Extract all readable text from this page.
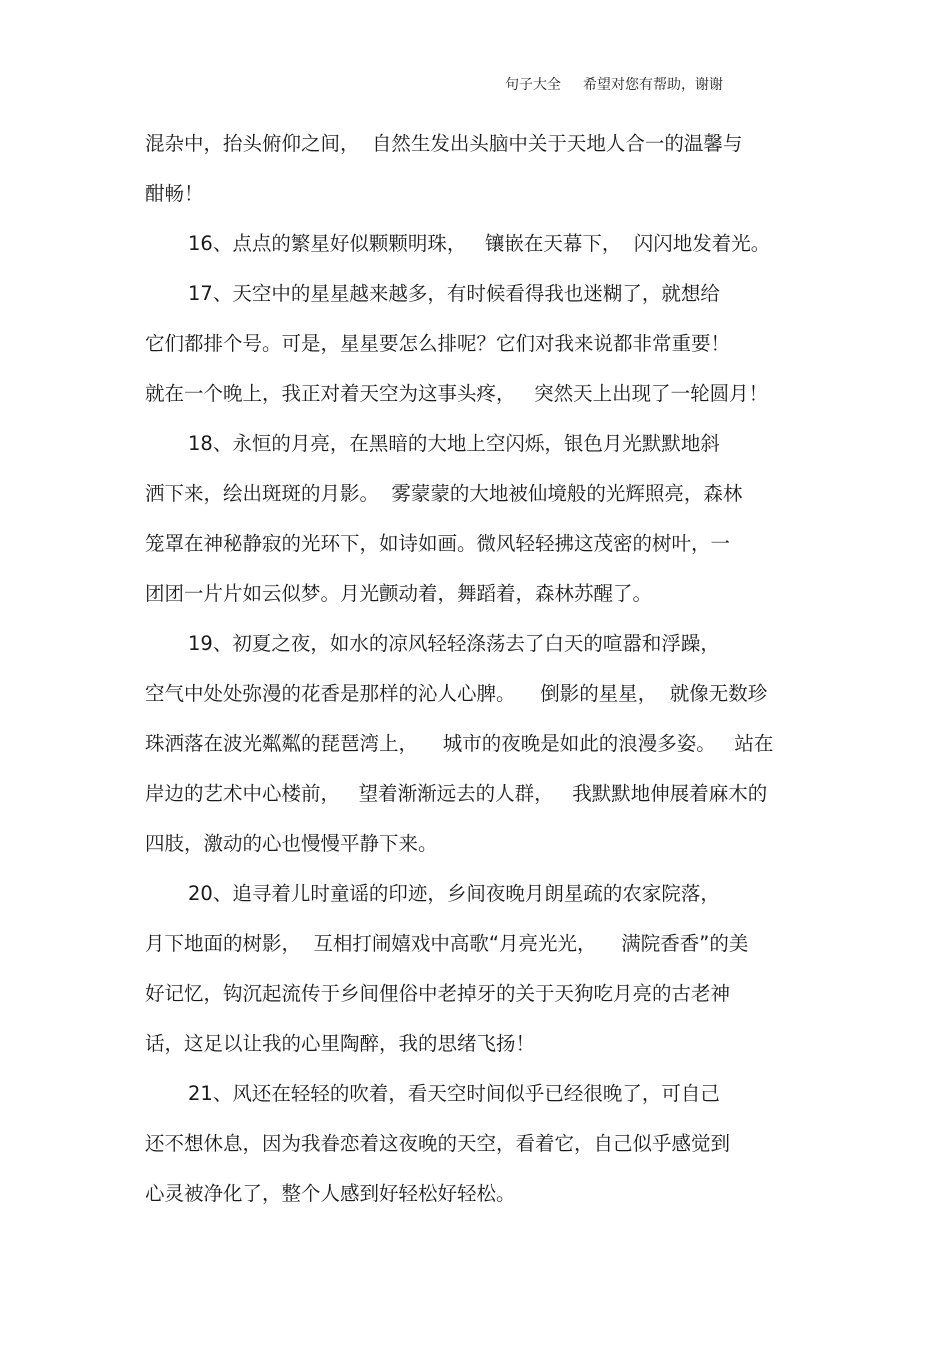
句子大全 希望对您有帮助，谢谢
混杂中，抬头俯仰之间，  自然生发出头脑中关于天地人合一的温馨与
酣畅！
16、点点的繁星好似颗颗明珠，   镶嵌在天幕下，  闪闪地发着光。
17、天空中的星星越来越多，有时候看得我也迷糊了，就想给
它们都排个号。可是，星星要怎么排呢？它们对我来说都非常重要！
就在一个晚上，我正对着天空为这事头疼，   突然天上出现了一轮圆月！
18、永恒的月亮，在黑暗的大地上空闪烁，银色月光默默地斜
洒下来，绘出斑斑的月影。  雾蒙蒙的大地被仙境般的光辉照亮，森林
笼罩在神秘静寂的光环下，如诗如画。微风轻轻拂这茂密的树叶，一
团团一片片如云似梦。月光颤动着，舞蹈着，森林苏醒了。
19、初夏之夜，如水的凉风轻轻涤荡去了白天的喧嚣和浮躁，
空气中处处弥漫的花香是那样的沁人心脾。    倒影的星星，  就像无数珍
珠洒落在波光粼粼的琵琶湾上，    城市的夜晚是如此的浪漫多姿。   站在
岸边的艺术中心楼前，   望着渐渐远去的人群，   我默默地伸展着麻木的
四肢，激动的心也慢慢平静下来。
20、追寻着儿时童谣的印迹，乡间夜晚月朗星疏的农家院落，
月下地面的树影，  互相打闹嬉戏中高歌“月亮光光，    满院香香”的美
好记忆，钩沉起流传于乡间俚俗中老掉牙的关于天狗吃月亮的古老神
话，这足以让我的心里陶醉，我的思绪飞扬！
21、风还在轻轻的吹着，看天空时间似乎已经很晚了，可自己
还不想休息，因为我眷恋着这夜晚的天空，看着它，自己似乎感觉到
心灵被净化了，整个人感到好轻松好轻松。
